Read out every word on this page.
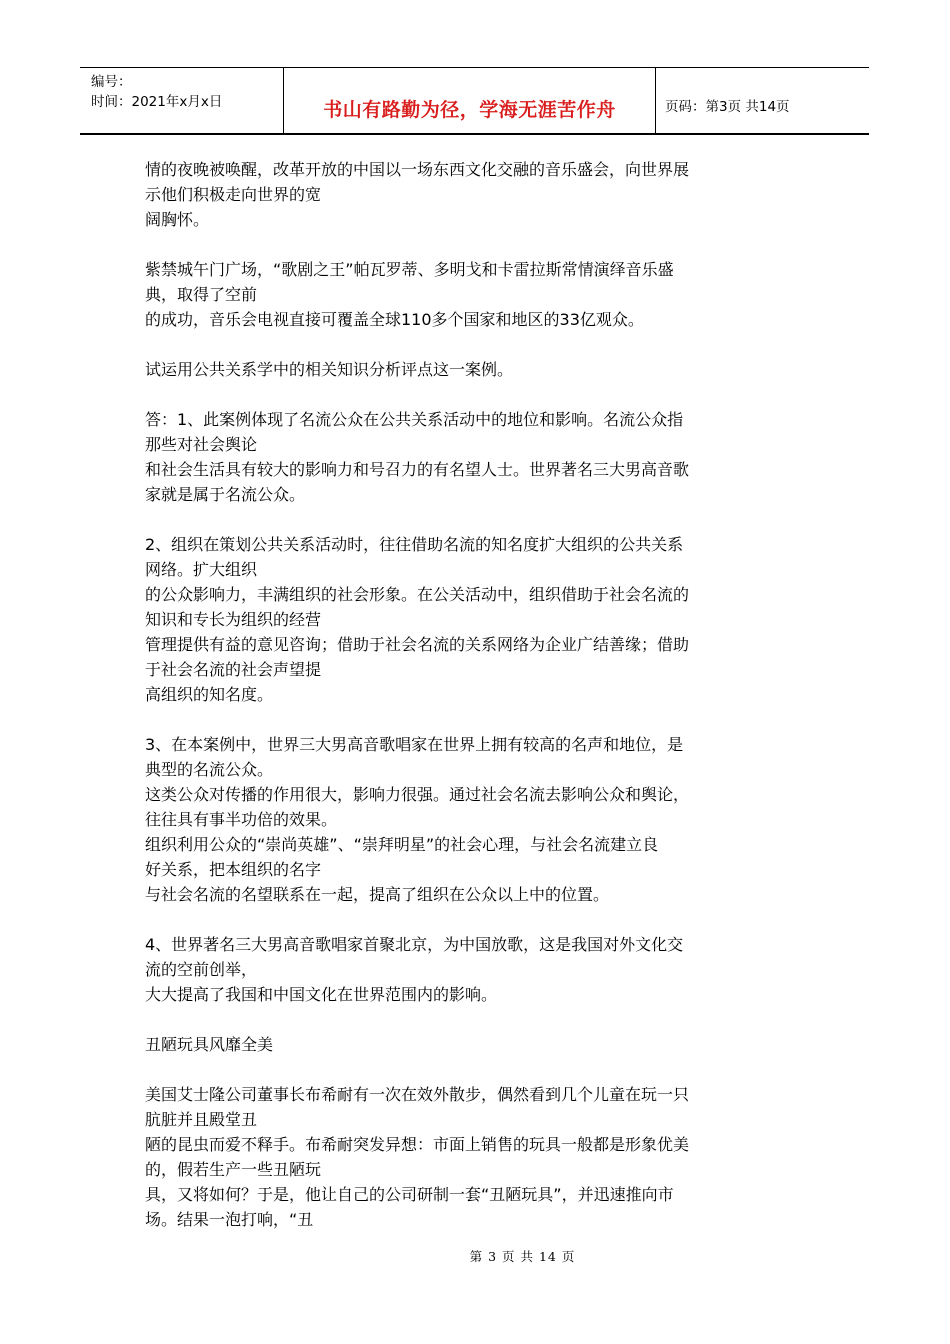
编号：
时间：2021年x月x日	书山有路勤为径，学海无涯苦作舟	页码：第3页 共14页
情的夜晚被唤醒，改革开放的中国以一场东西文化交融的音乐盛会，向世界展
示他们积极走向世界的宽
阔胸怀。
紫禁城午门广场，“歌剧之王”帕瓦罗蒂、多明戈和卡雷拉斯常情演绎音乐盛
典，取得了空前
的成功，音乐会电视直接可覆盖全球110多个国家和地区的33亿观众。
试运用公共关系学中的相关知识分析评点这一案例。
答：1、此案例体现了名流公众在公共关系活动中的地位和影响。名流公众指
那些对社会舆论
和社会生活具有较大的影响力和号召力的有名望人士。世界著名三大男高音歌
家就是属于名流公众。
2、组织在策划公共关系活动时，往往借助名流的知名度扩大组织的公共关系
网络。扩大组织
的公众影响力，丰满组织的社会形象。在公关活动中，组织借助于社会名流的
知识和专长为组织的经营
管理提供有益的意见咨询；借助于社会名流的关系网络为企业广结善缘；借助
于社会名流的社会声望提
高组织的知名度。
3、在本案例中，世界三大男高音歌唱家在世界上拥有较高的名声和地位，是
典型的名流公众。
这类公众对传播的作用很大，影响力很强。通过社会名流去影响公众和舆论，
往往具有事半功倍的效果。
组织利用公众的“崇尚英雄”、“崇拜明星”的社会心理，与社会名流建立良
好关系，把本组织的名字
与社会名流的名望联系在一起，提高了组织在公众以上中的位置。
4、世界著名三大男高音歌唱家首聚北京，为中国放歌，这是我国对外文化交
流的空前创举，
大大提高了我国和中国文化在世界范围内的影响。
丑陋玩具风靡全美
美国艾士隆公司董事长布希耐有一次在效外散步，偶然看到几个儿童在玩一只
肮脏并且殿堂丑
陋的昆虫而爱不释手。布希耐突发异想：市面上销售的玩具一般都是形象优美
的，假若生产一些丑陋玩
具，又将如何？于是，他让自己的公司研制一套“丑陋玩具”，并迅速推向市
场。结果一泡打响，“丑
第 3 页 共 14 页
